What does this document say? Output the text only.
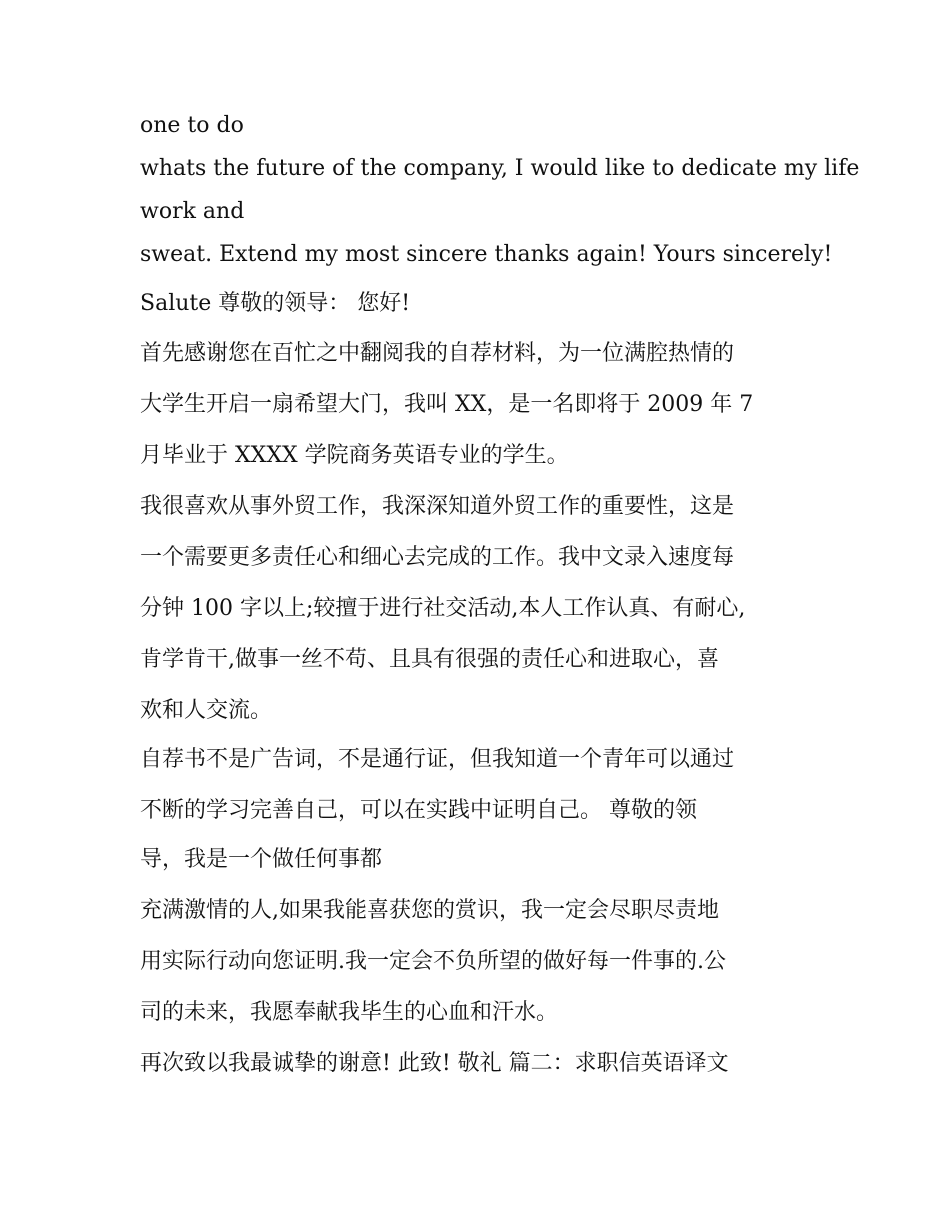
one to do
whats the future of the company, I would like to dedicate my life
work and
sweat. Extend my most sincere thanks again! Yours sincerely!
Salute 尊敬的领导： 您好!
首先感谢您在百忙之中翻阅我的自荐材料，为一位满腔热情的
大学生开启一扇希望大门，我叫 XX，是一名即将于 2009 年 7
月毕业于 XXXX 学院商务英语专业的学生。
我很喜欢从事外贸工作，我深深知道外贸工作的重要性，这是
一个需要更多责任心和细心去完成的工作。我中文录入速度每
分钟 100 字以上;较擅于进行社交活动,本人工作认真、有耐心,
肯学肯干,做事一丝不苟、且具有很强的责任心和进取心，喜
欢和人交流。
自荐书不是广告词，不是通行证，但我知道一个青年可以通过
不断的学习完善自己，可以在实践中证明自己。 尊敬的领
导，我是一个做任何事都
充满激情的人,如果我能喜获您的赏识，我一定会尽职尽责地
用实际行动向您证明.我一定会不负所望的做好每一件事的.公
司的未来，我愿奉献我毕生的心血和汗水。
再次致以我最诚挚的谢意! 此致! 敬礼 篇二：求职信英语译文
